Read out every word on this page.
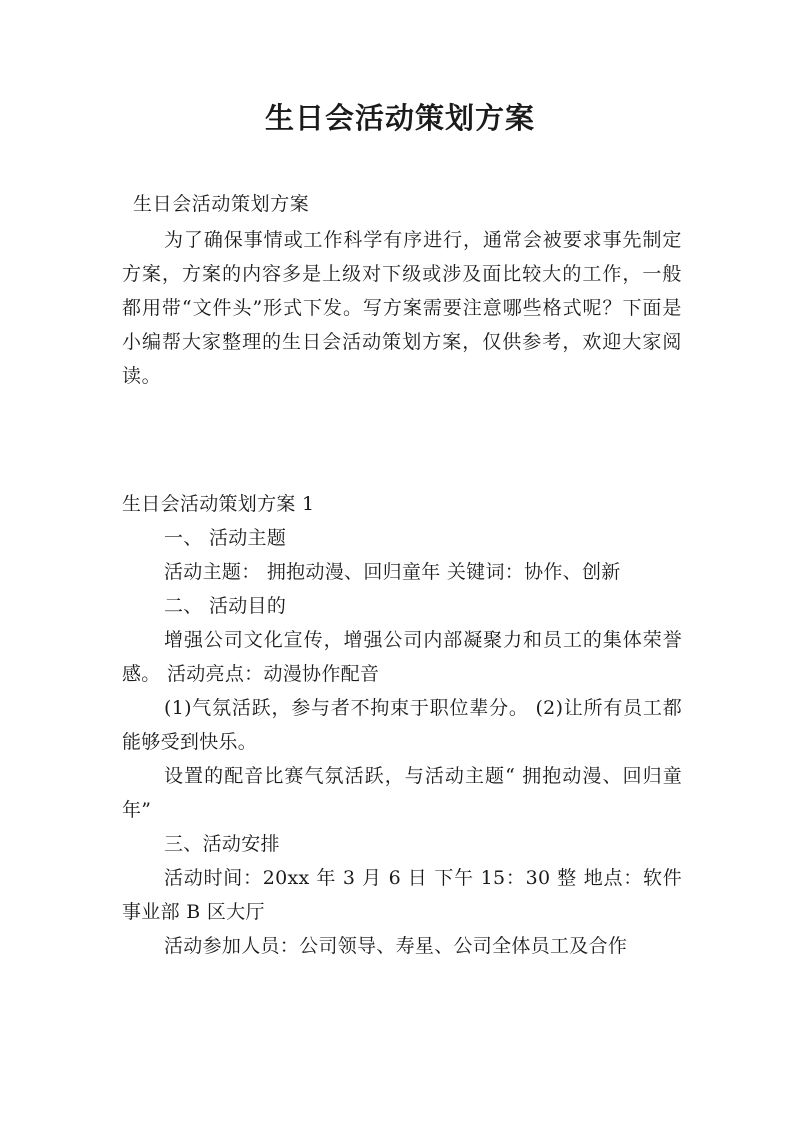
生日会活动策划方案
生日会活动策划方案
为了确保事情或工作科学有序进行，通常会被要求事先制定方案，方案的内容多是上级对下级或涉及面比较大的工作，一般都用带“文件头”形式下发。写方案需要注意哪些格式呢？下面是小编帮大家整理的生日会活动策划方案，仅供参考，欢迎大家阅读。

生日会活动策划方案 1

一、 活动主题

活动主题： 拥抱动漫、回归童年 关键词：协作、创新

二、 活动目的

增强公司文化宣传，增强公司内部凝聚力和员工的集体荣誉感。 活动亮点：动漫协作配音

(1)气氛活跃，参与者不拘束于职位辈分。 (2)让所有员工都能够受到快乐。

设置的配音比赛气氛活跃，与活动主题“ 拥抱动漫、回归童年”

三、活动安排

活动时间：20xx 年 3 月 6 日 下午 15：30 整 地点：软件事业部 B 区大厅

活动参加人员：公司领导、寿星、公司全体员工及合作
